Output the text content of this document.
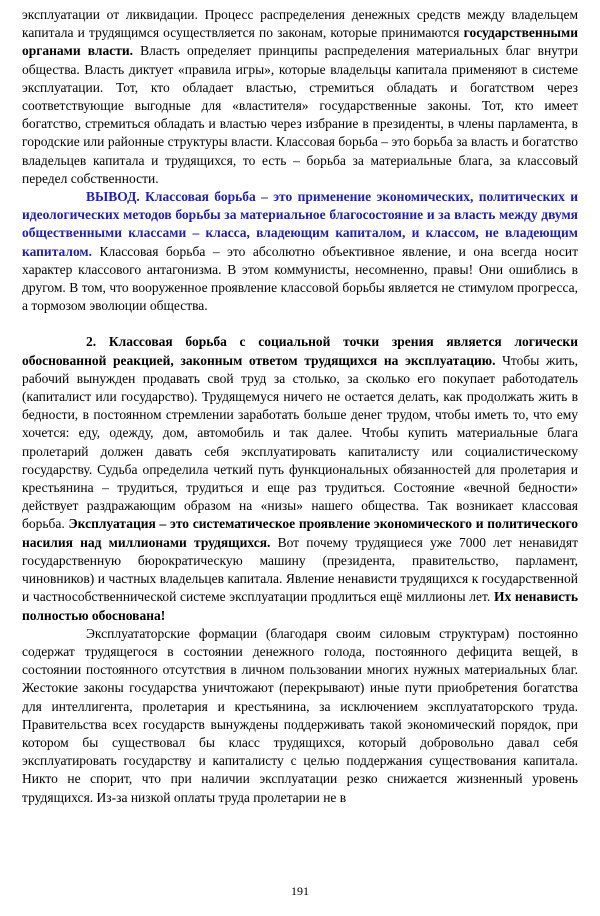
эксплуатации от ликвидации. Процесс распределения денежных средств между владельцем капитала и трудящимся осуществляется по законам, которые принимаются государственными органами власти. Власть определяет принципы распределения материальных благ внутри общества. Власть диктует «правила игры», которые владельцы капитала применяют в системе эксплуатации. Тот, кто обладает властью, стремиться обладать и богатством через соответствующие выгодные для «властителя» государственные законы. Тот, кто имеет богатство, стремиться обладать и властью через избрание в президенты, в члены парламента, в городские или районные структуры власти. Классовая борьба – это борьба за власть и богатство владельцев капитала и трудящихся, то есть – борьба за материальные блага, за классовый передел собственности.

ВЫВОД. Классовая борьба – это применение экономических, политических и идеологических методов борьбы за материальное благосостояние и за власть между двумя общественными классами – класса, владеющим капиталом, и классом, не владеющим капиталом. Классовая борьба – это абсолютно объективное явление, и она всегда носит характер классового антагонизма. В этом коммунисты, несомненно, правы! Они ошиблись в другом. В том, что вооруженное проявление классовой борьбы является не стимулом прогресса, а тормозом эволюции общества.

2. Классовая борьба с социальной точки зрения является логически обоснованной реакцией, законным ответом трудящихся на эксплуатацию. Чтобы жить, рабочий вынужден продавать свой труд за столько, за сколько его покупает работодатель (капиталист или государство). Трудящемуся ничего не остается делать, как продолжать жить в бедности, в постоянном стремлении заработать больше денег трудом, чтобы иметь то, что ему хочется: еду, одежду, дом, автомобиль и так далее. Чтобы купить материальные блага пролетарий должен давать себя эксплуатировать капиталисту или социалистическому государству. Судьба определила четкий путь функциональных обязанностей для пролетария и крестьянина – трудиться, трудиться и еще раз трудиться. Состояние «вечной бедности» действует раздражающим образом на «низы» нашего общества. Так возникает классовая борьба. Эксплуатация – это систематическое проявление экономического и политического насилия над миллионами трудящихся. Вот почему трудящиеся уже 7000 лет ненавидят государственную бюрократическую машину (президента, правительство, парламент, чиновников) и частных владельцев капитала. Явление ненависти трудящихся к государственной и частнособственнической системе эксплуатации продлиться ещё миллионы лет. Их ненависть полностью обоснована!

Эксплуататорские формации (благодаря своим силовым структурам) постоянно содержат трудящегося в состоянии денежного голода, постоянного дефицита вещей, в состоянии постоянного отсутствия в личном пользовании многих нужных материальных благ. Жестокие законы государства уничтожают (перекрывают) иные пути приобретения богатства для интеллигента, пролетария и крестьянина, за исключением эксплуататорского труда. Правительства всех государств вынуждены поддерживать такой экономический порядок, при котором бы существовал бы класс трудящихся, который добровольно давал себя эксплуатировать государству и капиталисту с целью поддержания существования капитала. Никто не спорит, что при наличии эксплуатации резко снижается жизненный уровень трудящихся. Из-за низкой оплаты труда пролетарии не в

191
